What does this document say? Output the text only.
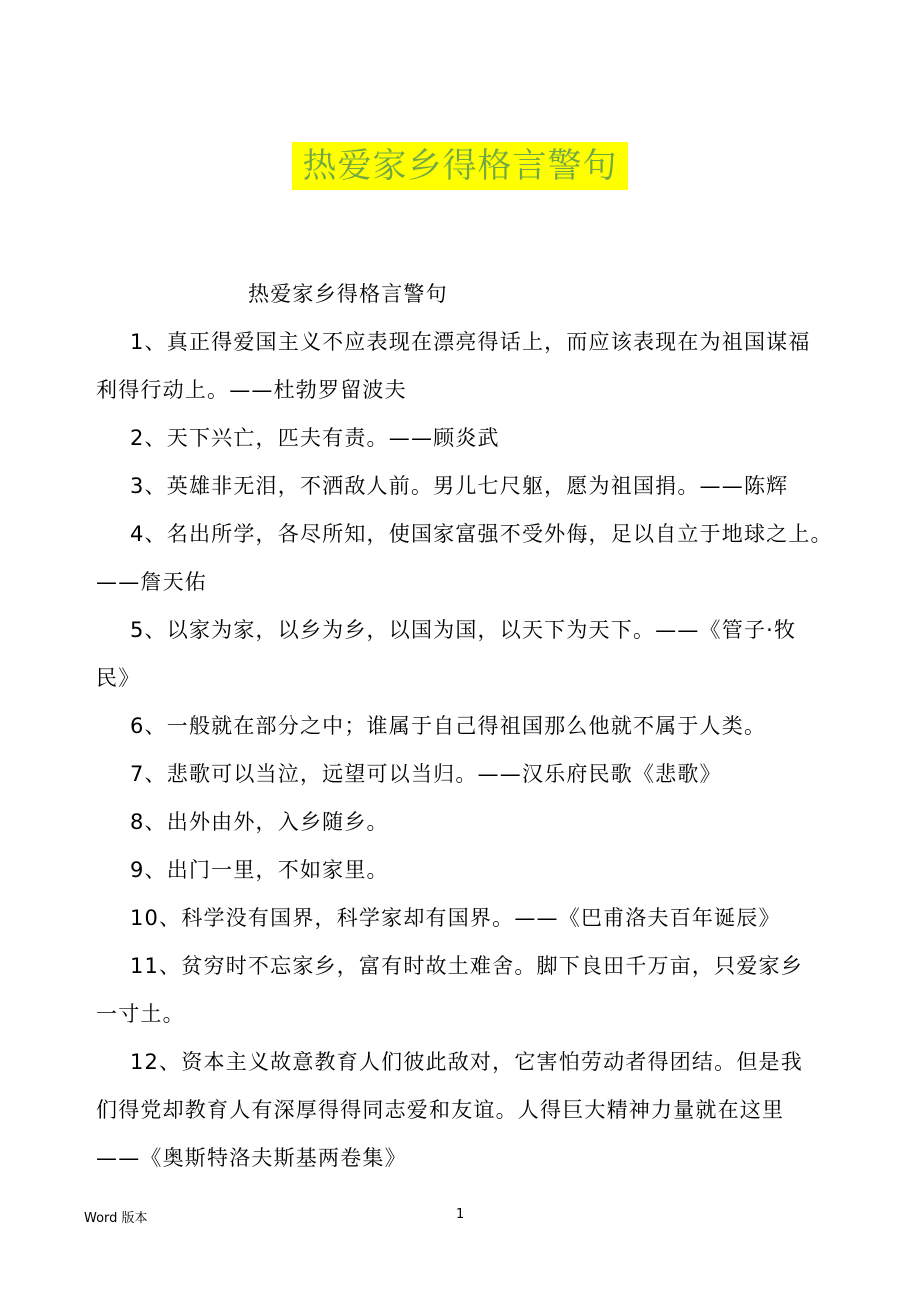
热爱家乡得格言警句
热爱家乡得格言警句
1、真正得爱国主义不应表现在漂亮得话上，而应该表现在为祖国谋福
利得行动上。——杜勃罗留波夫
2、天下兴亡，匹夫有责。——顾炎武
3、英雄非无泪，不洒敌人前。男儿七尺躯，愿为祖国捐。——陈辉
4、名出所学，各尽所知，使国家富强不受外侮，足以自立于地球之上。
——詹天佑
5、以家为家，以乡为乡，以国为国，以天下为天下。——《管子·牧
民》
6、一般就在部分之中；谁属于自己得祖国那么他就不属于人类。
7、悲歌可以当泣，远望可以当归。——汉乐府民歌《悲歌》
8、出外由外，入乡随乡。
9、出门一里，不如家里。
10、科学没有国界，科学家却有国界。——《巴甫洛夫百年诞辰》
11、贫穷时不忘家乡，富有时故土难舍。脚下良田千万亩，只爱家乡
一寸土。
12、资本主义故意教育人们彼此敌对，它害怕劳动者得团结。但是我
们得党却教育人有深厚得得同志爱和友谊。人得巨大精神力量就在这里
——《奥斯特洛夫斯基两卷集》
Word 版本	1
